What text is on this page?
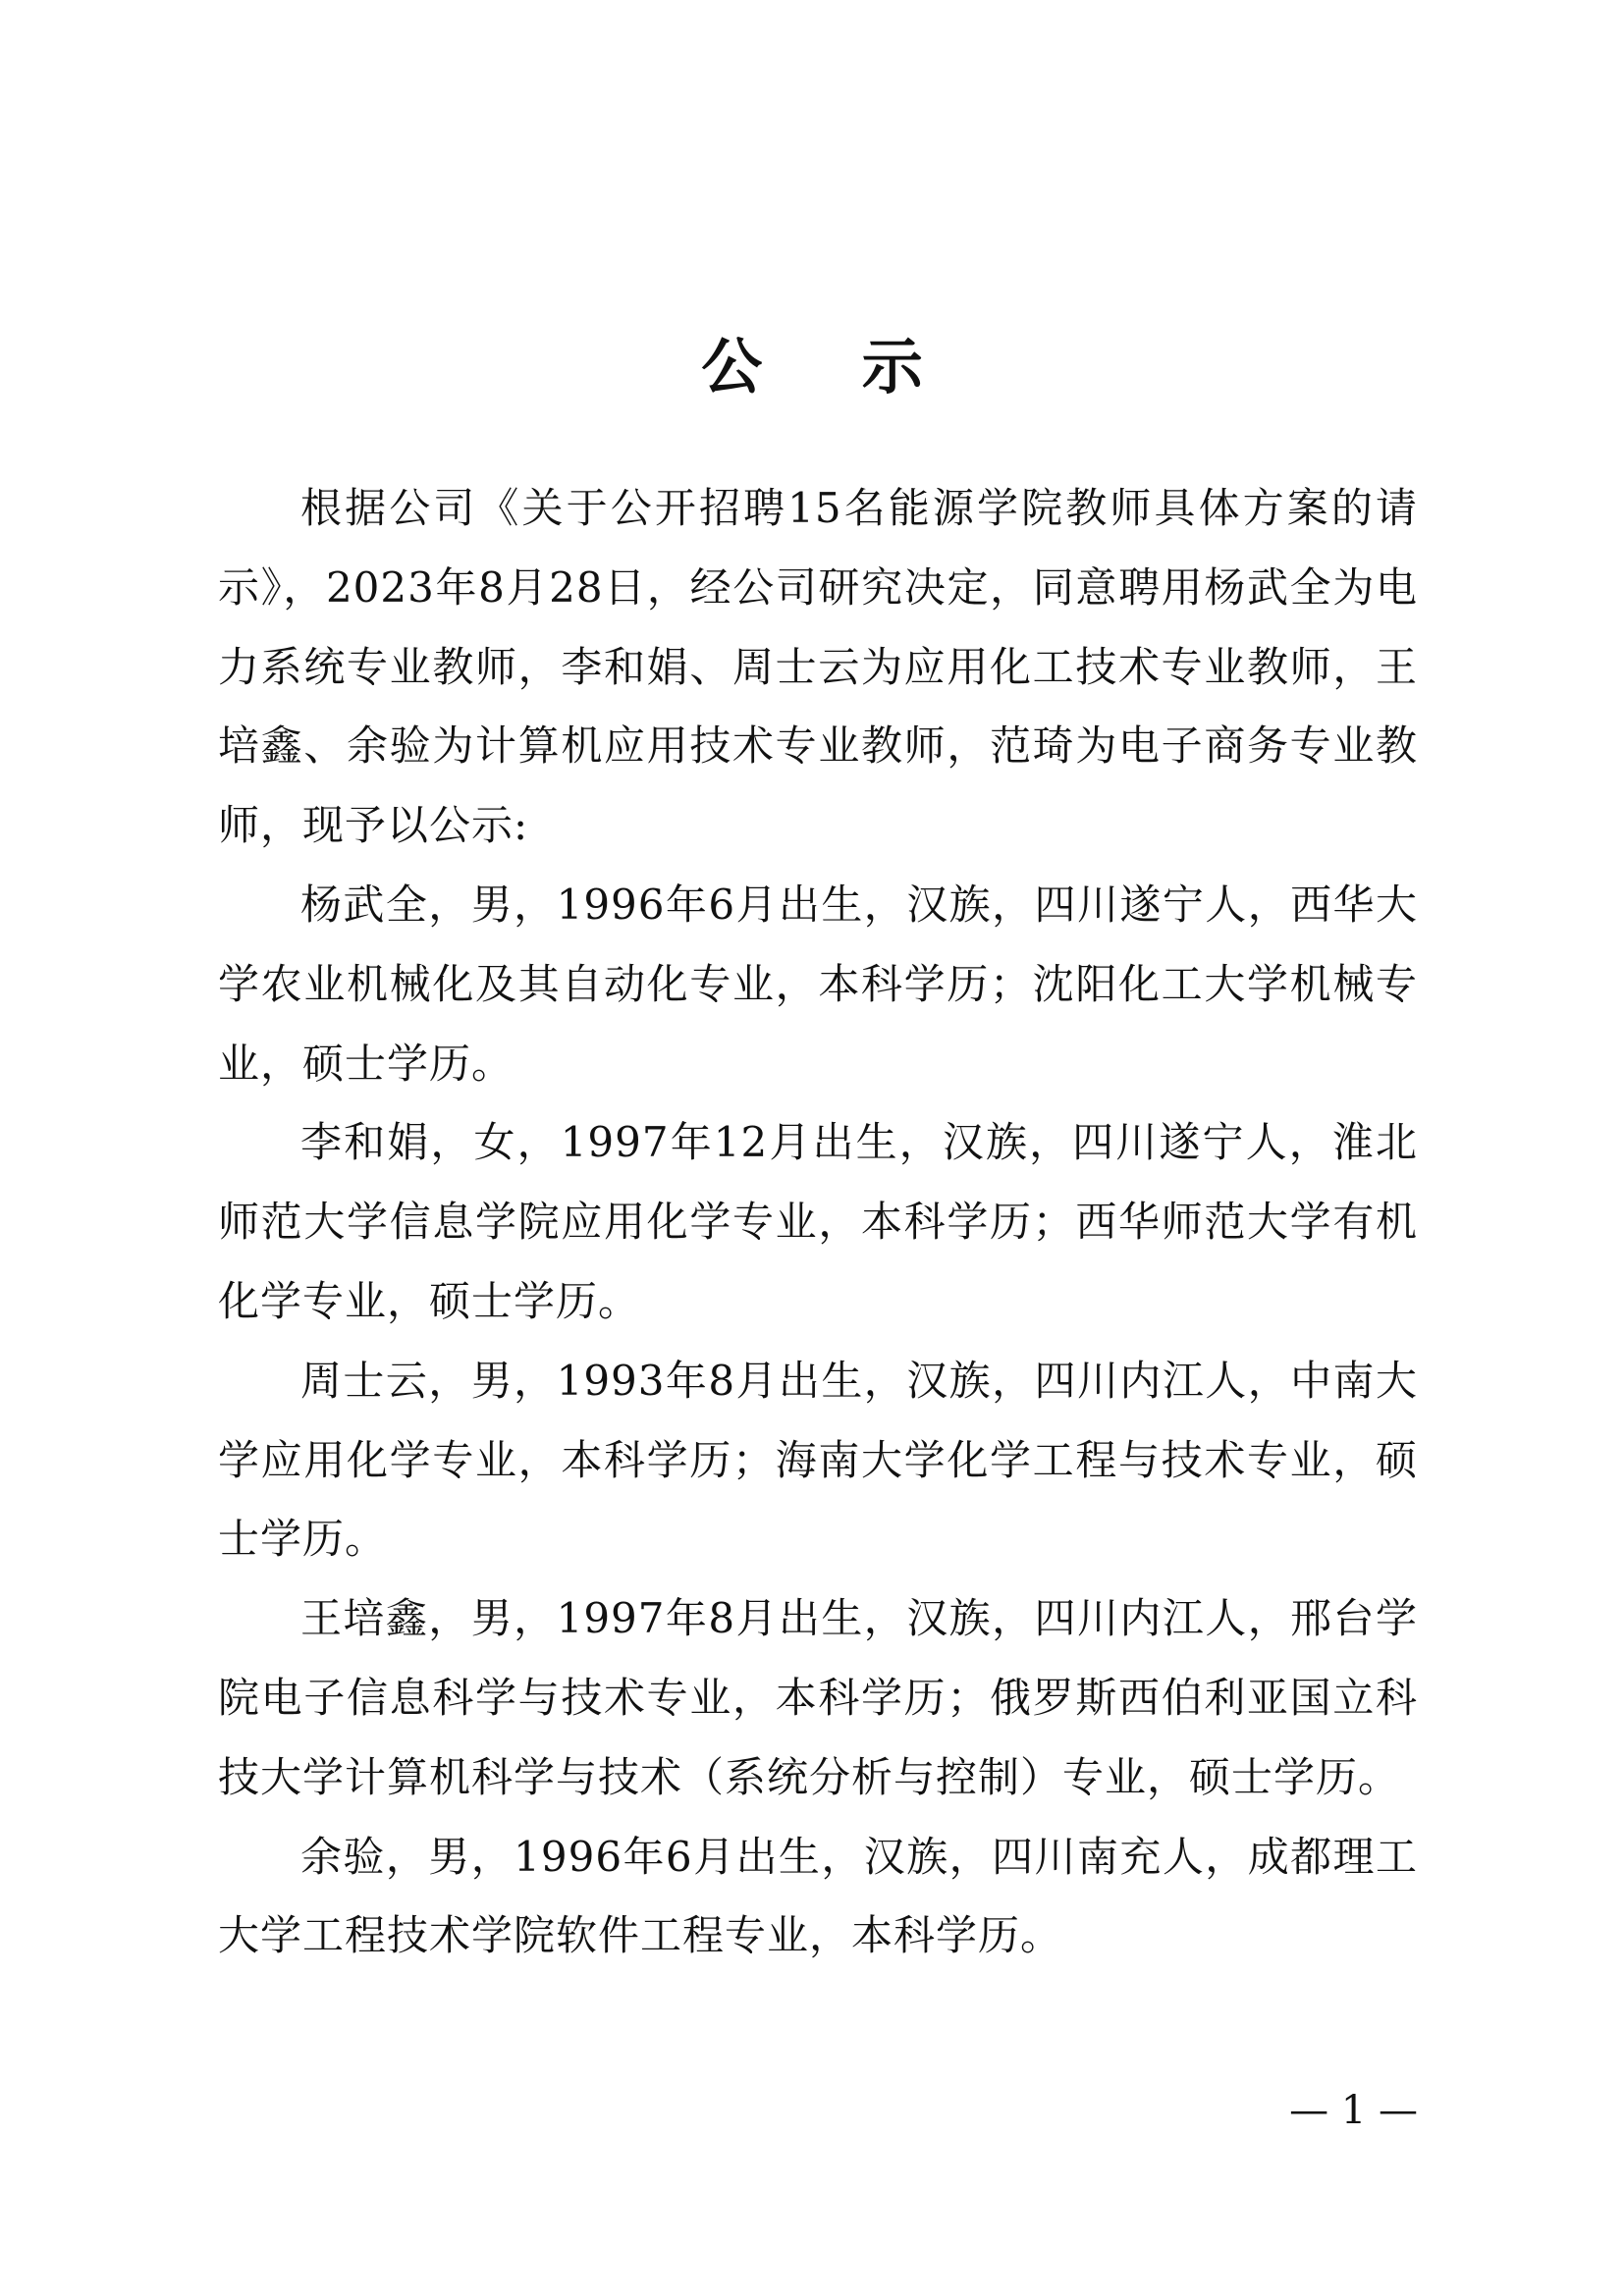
公 示

根据公司《关于公开招聘15名能源学院教师具体方案的请示》，2023年8月28日，经公司研究决定，同意聘用杨武全为电力系统专业教师，李和娟、周士云为应用化工技术专业教师，王培鑫、余验为计算机应用技术专业教师，范琦为电子商务专业教师，现予以公示:

杨武全，男，1996年6月出生，汉族，四川遂宁人，西华大学农业机械化及其自动化专业，本科学历；沈阳化工大学机械专业，硕士学历。

李和娟，女，1997年12月出生，汉族，四川遂宁人，淮北师范大学信息学院应用化学专业，本科学历；西华师范大学有机化学专业，硕士学历。

周士云，男，1993年8月出生，汉族，四川内江人，中南大学应用化学专业，本科学历；海南大学化学工程与技术专业，硕士学历。

王培鑫，男，1997年8月出生，汉族，四川内江人，邢台学院电子信息科学与技术专业，本科学历；俄罗斯西伯利亚国立科技大学计算机科学与技术（系统分析与控制）专业，硕士学历。

余验，男，1996年6月出生，汉族，四川南充人，成都理工大学工程技术学院软件工程专业，本科学历。

— 1 —
